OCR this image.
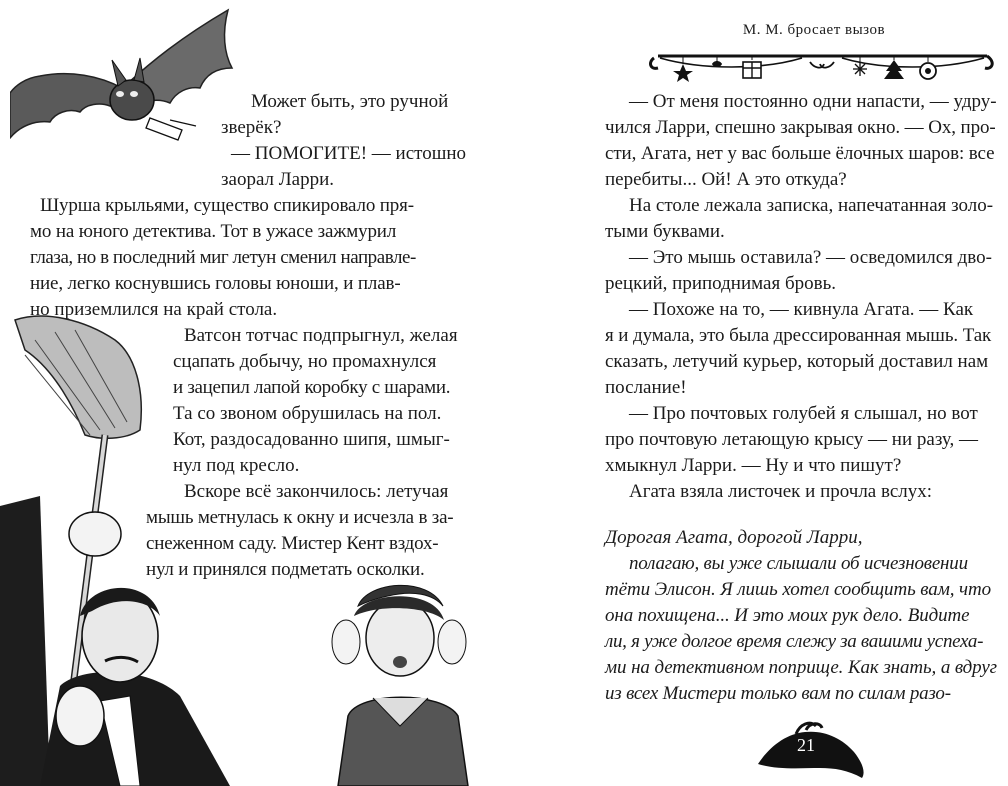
Может быть, это ручной
зверёк?
— ПОМОГИТЕ! — истошно
заорал Ларри.
Шурша крыльями, существо спикировало пря-
мо на юного детектива. Тот в ужасе зажмурил
глаза, но в последний миг летун сменил направле-
ние, легко коснувшись головы юноши, и плав-
но приземлился на край стола.
Ватсон тотчас подпрыгнул, желая
сцапать добычу, но промахнулся
и зацепил лапой коробку с шарами.
Та со звоном обрушилась на пол.
Кот, раздосадованно шипя, шмыг-
нул под кресло.
Вскоре всё закончилось: летучая
мышь метнулась к окну и исчезла в за-
снеженном саду. Мистер Кент вздох-
нул и принялся подметать осколки.
М. М. бросает вызов
— От меня постоянно одни напасти, — удру-
чился Ларри, спешно закрывая окно. — Ох, про-
сти, Агата, нет у вас больше ёлочных шаров: все
перебиты... Ой! А это откуда?
На столе лежала записка, напечатанная золо-
тыми буквами.
— Это мышь оставила? — осведомился дво-
рецкий, приподнимая бровь.
— Похоже на то, — кивнула Агата. — Как
я и думала, это была дрессированная мышь. Так
сказать, летучий курьер, который доставил нам
послание!
— Про почтовых голубей я слышал, но вот
про почтовую летающую крысу — ни разу, —
хмыкнул Ларри. — Ну и что пишут?
Агата взяла листочек и прочла вслух:
Дорогая Агата, дорогой Ларри,
полагаю, вы уже слышали об исчезновении
тёти Элисон. Я лишь хотел сообщить вам, что
она похищена... И это моих рук дело. Видите
ли, я уже долгое время слежу за вашими успеха-
ми на детективном поприще. Как знать, а вдруг
из всех Мистери только вам по силам разо-
21
